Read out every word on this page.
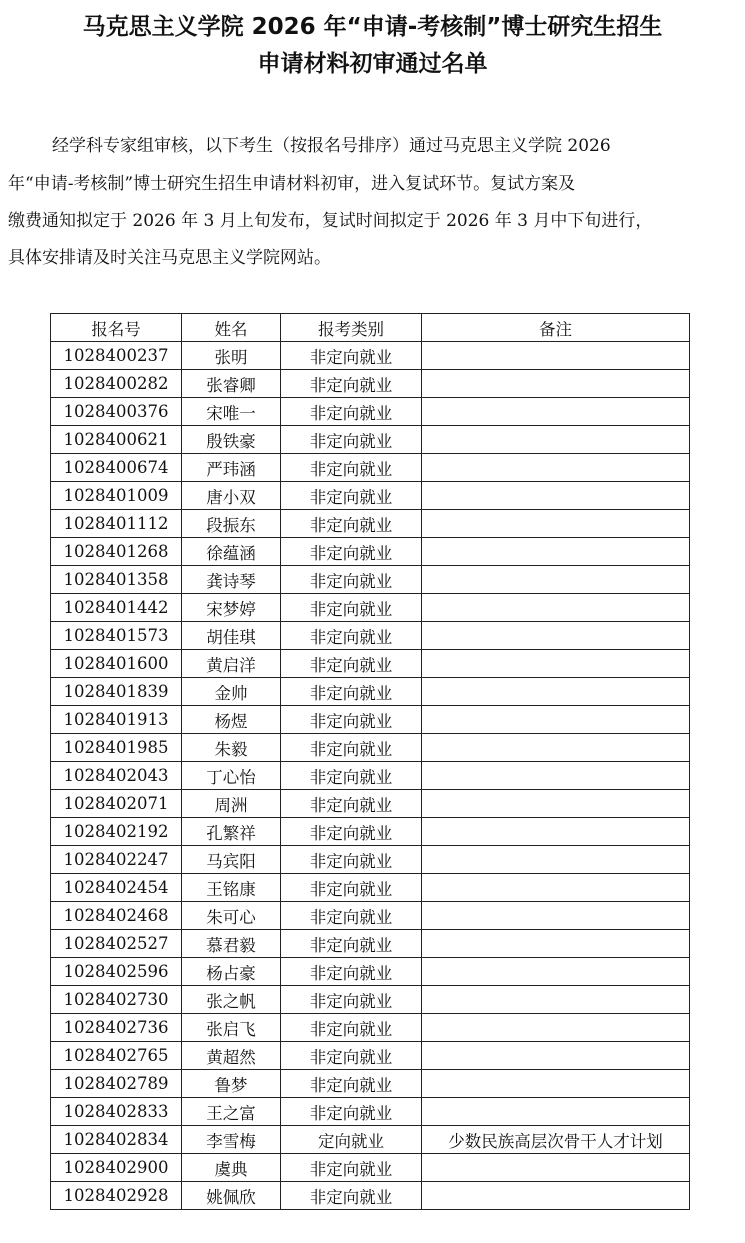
马克思主义学院 2026 年“申请-考核制”博士研究生招生
申请材料初审通过名单
经学科专家组审核，以下考生（按报名号排序）通过马克思主义学院 2026
年“申请-考核制”博士研究生招生申请材料初审，进入复试环节。复试方案及
缴费通知拟定于 2026 年 3 月上旬发布，复试时间拟定于 2026 年 3 月中下旬进行，
具体安排请及时关注马克思主义学院网站。
报名号	姓名	报考类别	备注
1028400237	张明	非定向就业	
1028400282	张睿卿	非定向就业	
1028400376	宋唯一	非定向就业	
1028400621	殷铁豪	非定向就业	
1028400674	严玮涵	非定向就业	
1028401009	唐小双	非定向就业	
1028401112	段振东	非定向就业	
1028401268	徐蕴涵	非定向就业	
1028401358	龚诗琴	非定向就业	
1028401442	宋梦婷	非定向就业	
1028401573	胡佳琪	非定向就业	
1028401600	黄启洋	非定向就业	
1028401839	金帅	非定向就业	
1028401913	杨煜	非定向就业	
1028401985	朱毅	非定向就业	
1028402043	丁心怡	非定向就业	
1028402071	周洲	非定向就业	
1028402192	孔繁祥	非定向就业	
1028402247	马宾阳	非定向就业	
1028402454	王铭康	非定向就业	
1028402468	朱可心	非定向就业	
1028402527	慕君毅	非定向就业	
1028402596	杨占豪	非定向就业	
1028402730	张之帆	非定向就业	
1028402736	张启飞	非定向就业	
1028402765	黄超然	非定向就业	
1028402789	鲁梦	非定向就业	
1028402833	王之富	非定向就业	
1028402834	李雪梅	定向就业	少数民族高层次骨干人才计划
1028402900	虞典	非定向就业	
1028402928	姚佩欣	非定向就业	
